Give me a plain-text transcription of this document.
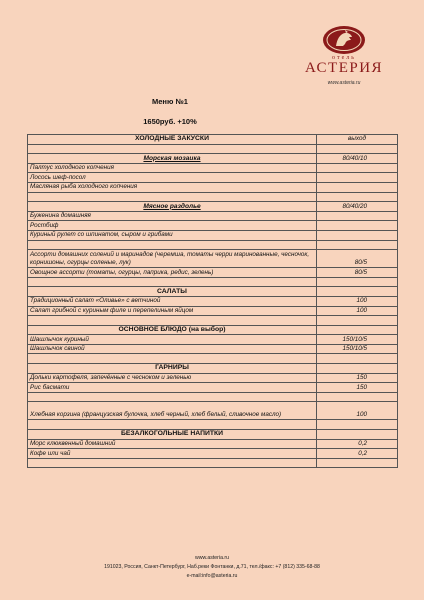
отель
АСТЕРИЯ
www.asteria.ru
Меню №1
1650руб. +10%
ХОЛОДНЫЕ ЗАКУСКИ	выход

Морская мозаика	80/40/10
Палтус холодного копчения	
Лосось шеф-посол	
Масляная рыба холодного копчения	

Мясное раздолье	80/40/20
Буженина домашняя	
Ростбиф	
Куриный рулет со шпинатом, сыром и грибами	

Ассорти домашних солений и маринадов (черемша, томаты черри маринованные, чесночок, корнишоны, огурцы соленые, лук)	80/5
Овощное ассорти (томаты, огурцы, паприка, редис, зелень)	80/5

САЛАТЫ	
Традиционный салат «Оливье» с ветчиной	100
Салат грибной с куриным филе и перепелиным яйцом	100

ОСНОВНОЕ БЛЮДО (на выбор)	
Шашлычок куриный	150/10/5
Шашлычок свиной	150/10/5

ГАРНИРЫ	
Дольки картофеля, запечённые с чесноком и зеленью	150
Рис басмати	150

Хлебная корзина (французская булочка, хлеб черный, хлеб белый, сливочное масло)	100

БЕЗАЛКОГОЛЬНЫЕ НАПИТКИ	
Морс клюквенный домашний	0,2
Кофе или чай	0,2

www.asteria.ru
191023, Россия, Санкт-Петербург, Наб.реки Фонтанки, д.71, тел./факс: +7 (812) 335-68-88
e-mail:info@asteria.ru
